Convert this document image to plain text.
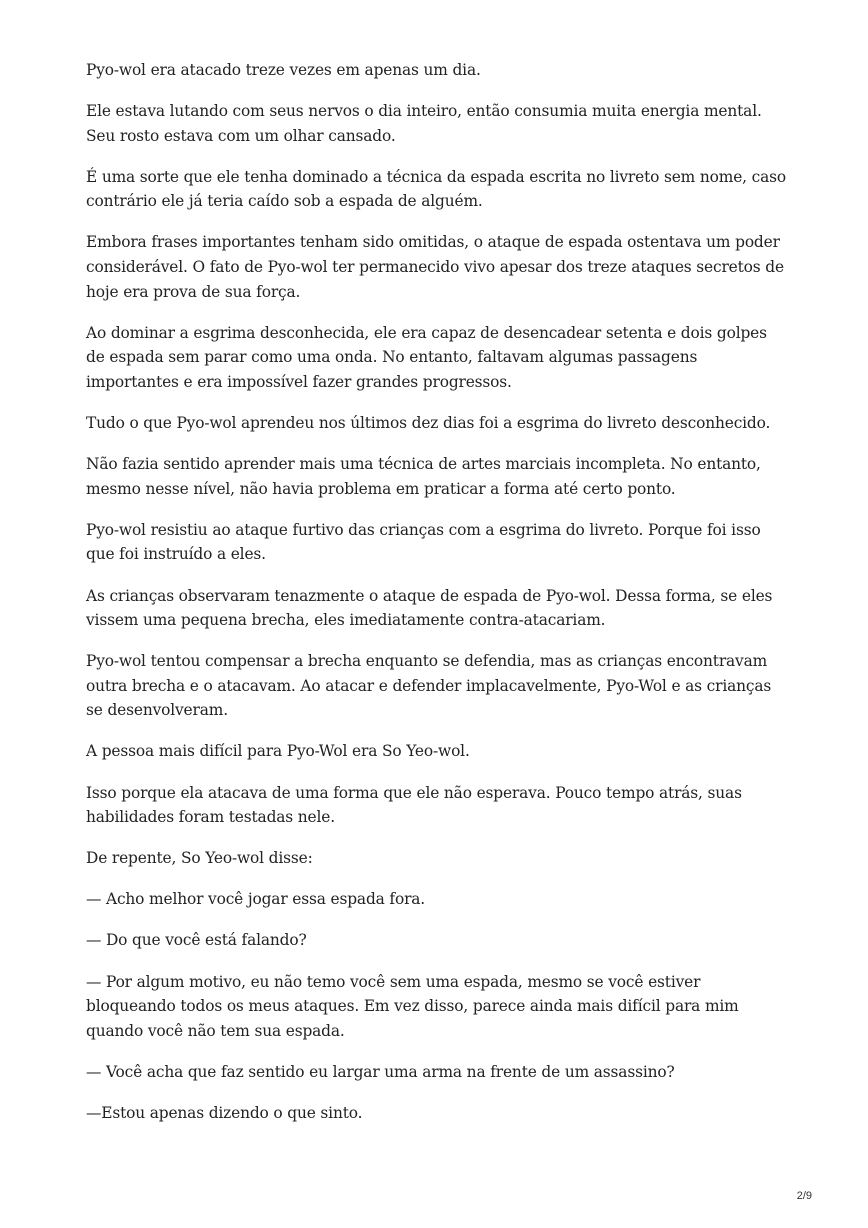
Pyo-wol era atacado treze vezes em apenas um dia.

Ele estava lutando com seus nervos o dia inteiro, então consumia muita energia mental. Seu rosto estava com um olhar cansado.

É uma sorte que ele tenha dominado a técnica da espada escrita no livreto sem nome, caso contrário ele já teria caído sob a espada de alguém.

Embora frases importantes tenham sido omitidas, o ataque de espada ostentava um poder considerável. O fato de Pyo-wol ter permanecido vivo apesar dos treze ataques secretos de hoje era prova de sua força.

Ao dominar a esgrima desconhecida, ele era capaz de desencadear setenta e dois golpes de espada sem parar como uma onda. No entanto, faltavam algumas passagens importantes e era impossível fazer grandes progressos.

Tudo o que Pyo-wol aprendeu nos últimos dez dias foi a esgrima do livreto desconhecido.

Não fazia sentido aprender mais uma técnica de artes marciais incompleta. No entanto, mesmo nesse nível, não havia problema em praticar a forma até certo ponto.

Pyo-wol resistiu ao ataque furtivo das crianças com a esgrima do livreto. Porque foi isso que foi instruído a eles.

As crianças observaram tenazmente o ataque de espada de Pyo-wol. Dessa forma, se eles vissem uma pequena brecha, eles imediatamente contra-atacariam.

Pyo-wol tentou compensar a brecha enquanto se defendia, mas as crianças encontravam outra brecha e o atacavam. Ao atacar e defender implacavelmente, Pyo-Wol e as crianças se desenvolveram.

A pessoa mais difícil para Pyo-Wol era So Yeo-wol.

Isso porque ela atacava de uma forma que ele não esperava. Pouco tempo atrás, suas habilidades foram testadas nele.

De repente, So Yeo-wol disse:

— Acho melhor você jogar essa espada fora.

— Do que você está falando?

— Por algum motivo, eu não temo você sem uma espada, mesmo se você estiver bloqueando todos os meus ataques. Em vez disso, parece ainda mais difícil para mim quando você não tem sua espada.

— Você acha que faz sentido eu largar uma arma na frente de um assassino?

—Estou apenas dizendo o que sinto.

2/9
